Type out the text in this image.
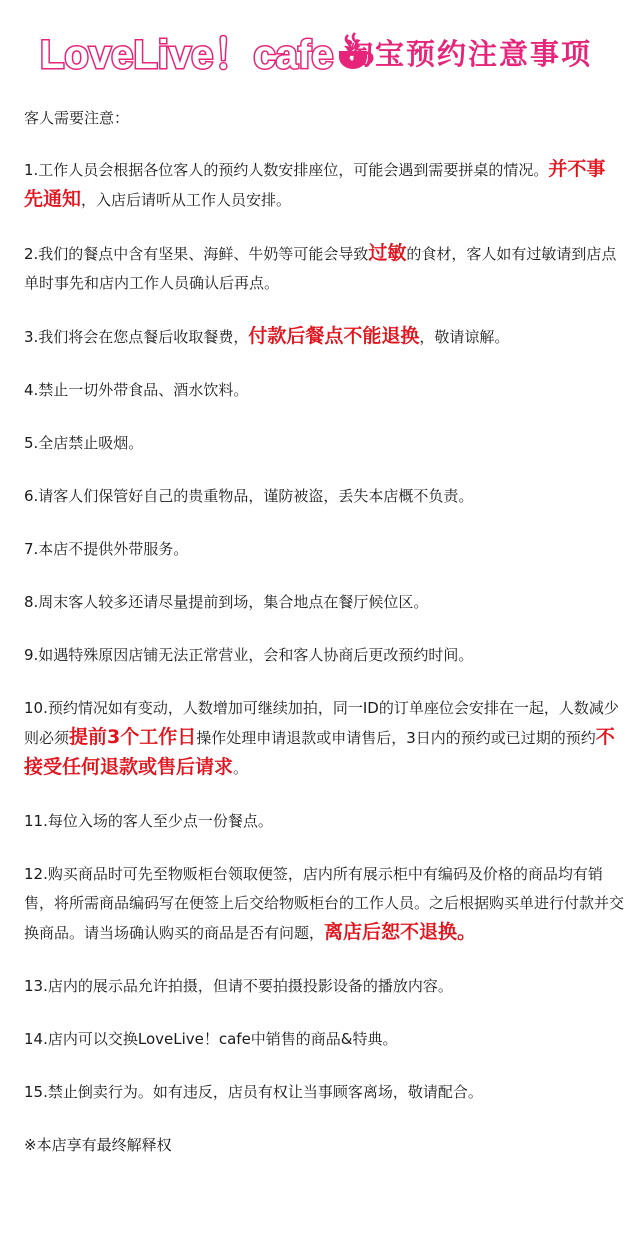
LoveLive！cafe 淘宝预约注意事项
客人需要注意：
1.工作人员会根据各位客人的预约人数安排座位，可能会遇到需要拼桌的情况。并不事先通知，入店后请听从工作人员安排。
2.我们的餐点中含有坚果、海鲜、牛奶等可能会导致过敏的食材，客人如有过敏请到店点单时事先和店内工作人员确认后再点。
3.我们将会在您点餐后收取餐费，付款后餐点不能退换，敬请谅解。
4.禁止一切外带食品、酒水饮料。
5.全店禁止吸烟。
6.请客人们保管好自己的贵重物品，谨防被盗，丢失本店概不负责。
7.本店不提供外带服务。
8.周末客人较多还请尽量提前到场，集合地点在餐厅候位区。
9.如遇特殊原因店铺无法正常营业，会和客人协商后更改预约时间。
10.预约情况如有变动，人数增加可继续加拍，同一ID的订单座位会安排在一起，人数减少则必须提前3个工作日操作处理申请退款或申请售后，3日内的预约或已过期的预约不接受任何退款或售后请求。
11.每位入场的客人至少点一份餐点。
12.购买商品时可先至物贩柜台领取便签，店内所有展示柜中有编码及价格的商品均有销售，将所需商品编码写在便签上后交给物贩柜台的工作人员。之后根据购买单进行付款并交换商品。请当场确认购买的商品是否有问题，离店后恕不退换。
13.店内的展示品允许拍摄，但请不要拍摄投影设备的播放内容。
14.店内可以交换LoveLive！cafe中销售的商品&特典。
15.禁止倒卖行为。如有违反，店员有权让当事顾客离场，敬请配合。
※本店享有最终解释权
